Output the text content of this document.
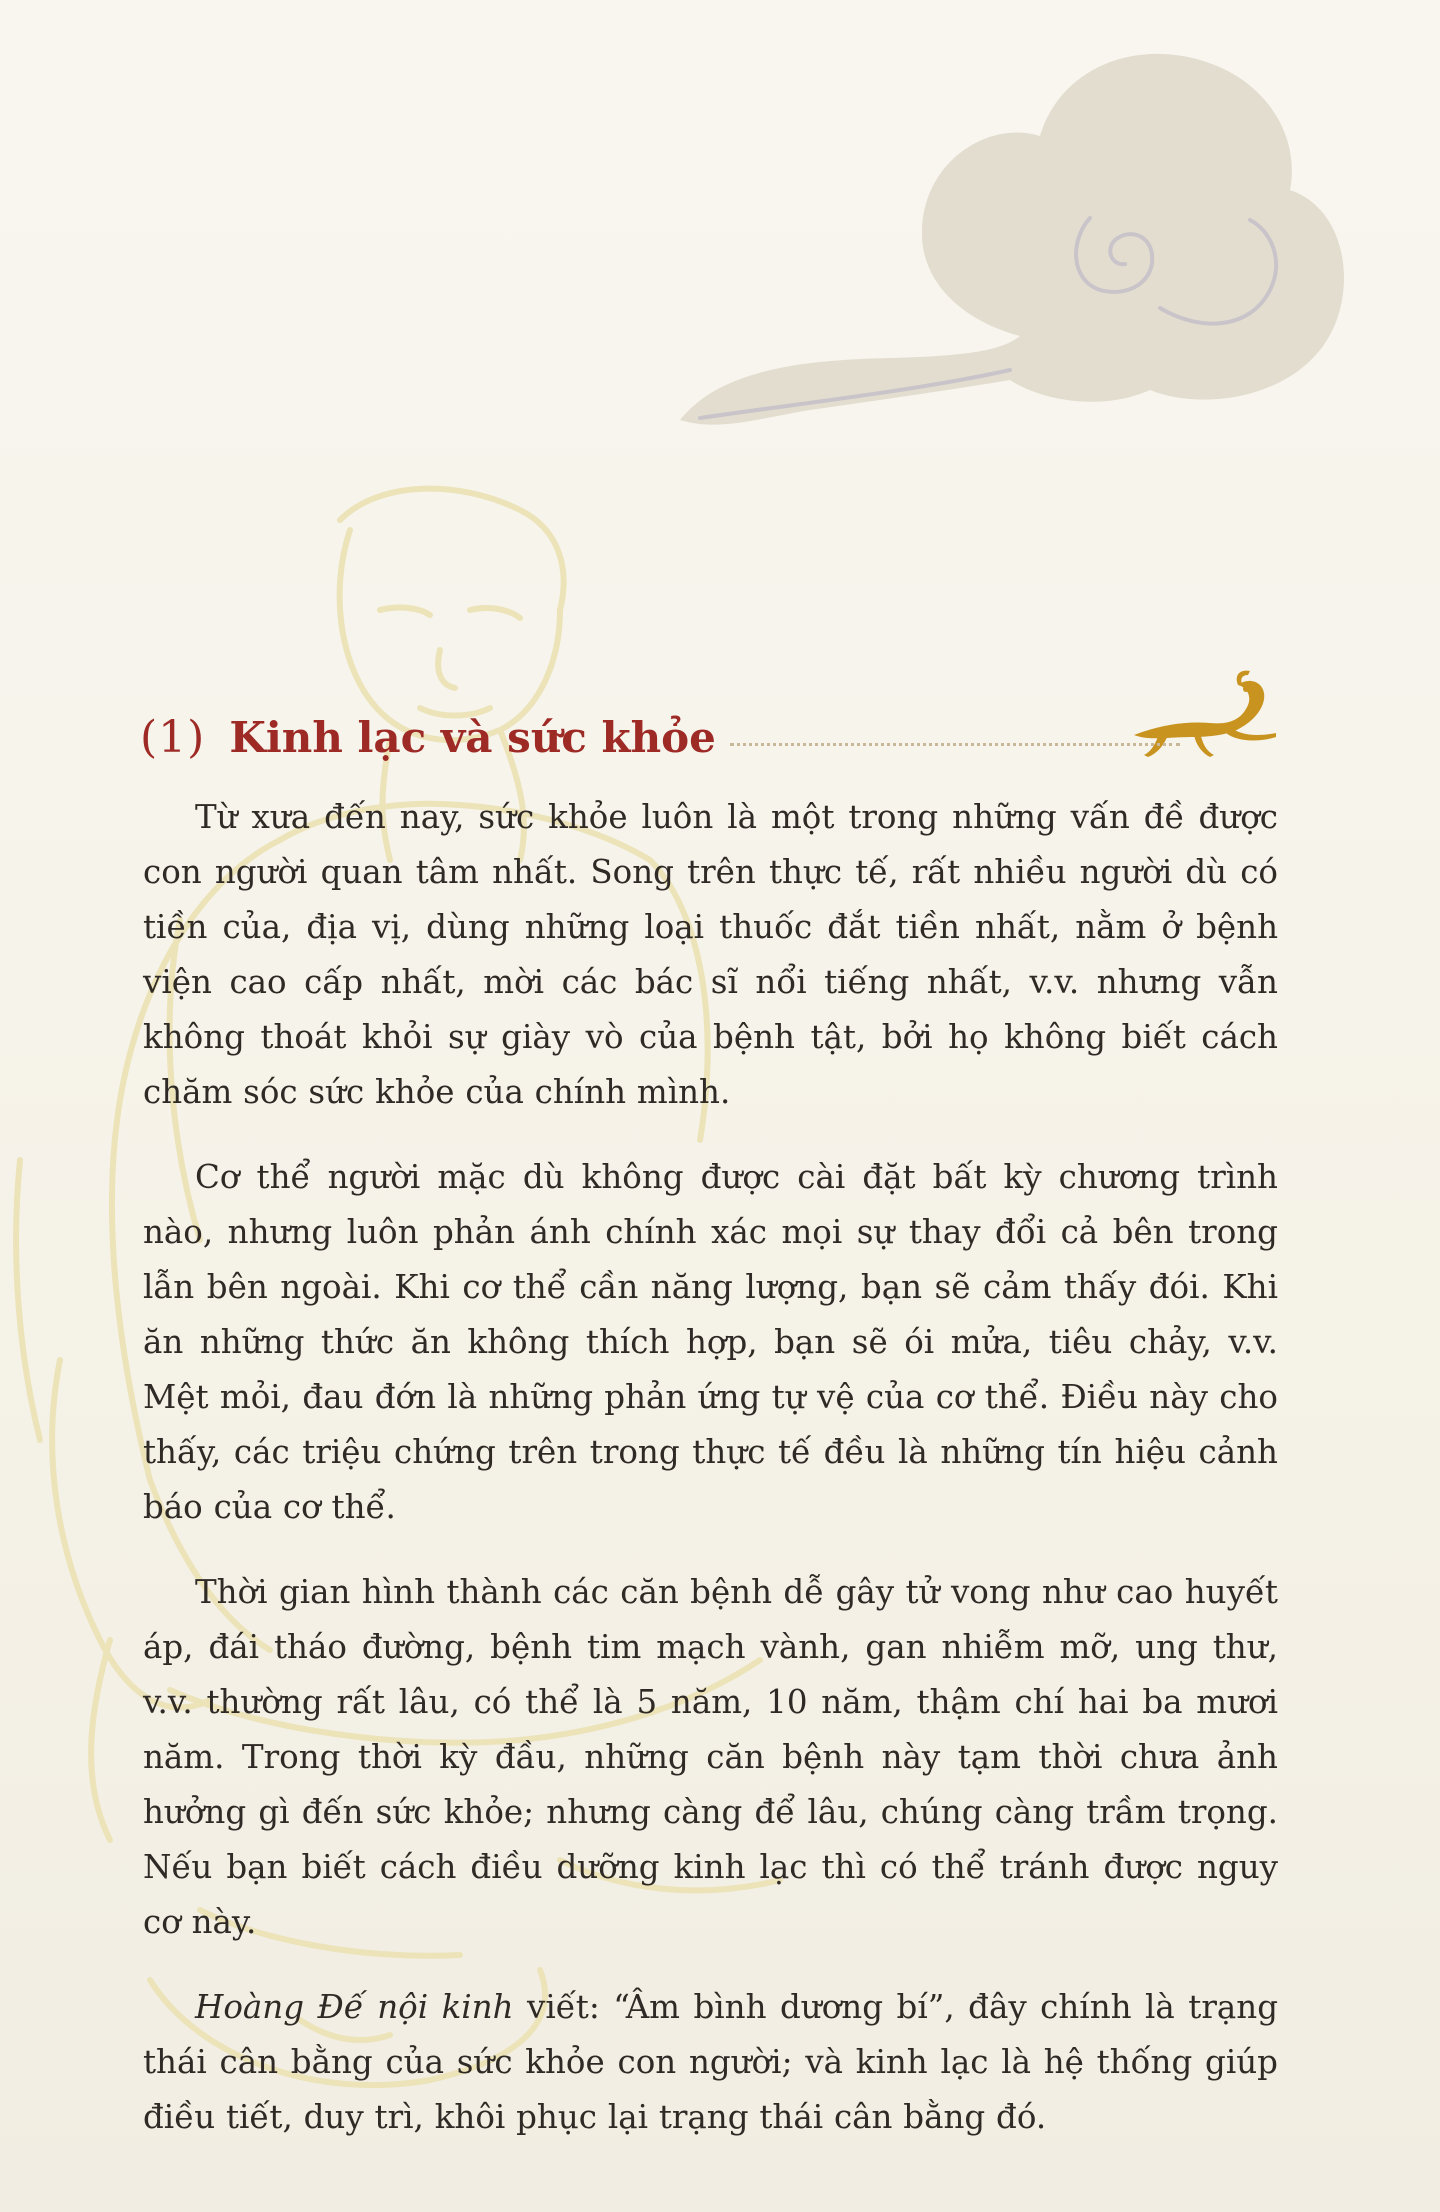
(1) Kinh lạc và sức khỏe

Từ xưa đến nay, sức khỏe luôn là một trong những vấn đề được con người quan tâm nhất. Song trên thực tế, rất nhiều người dù có tiền của, địa vị, dùng những loại thuốc đắt tiền nhất, nằm ở bệnh viện cao cấp nhất, mời các bác sĩ nổi tiếng nhất, v.v. nhưng vẫn không thoát khỏi sự giày vò của bệnh tật, bởi họ không biết cách chăm sóc sức khỏe của chính mình.

Cơ thể người mặc dù không được cài đặt bất kỳ chương trình nào, nhưng luôn phản ánh chính xác mọi sự thay đổi cả bên trong lẫn bên ngoài. Khi cơ thể cần năng lượng, bạn sẽ cảm thấy đói. Khi ăn những thức ăn không thích hợp, bạn sẽ ói mửa, tiêu chảy, v.v. Mệt mỏi, đau đớn là những phản ứng tự vệ của cơ thể. Điều này cho thấy, các triệu chứng trên trong thực tế đều là những tín hiệu cảnh báo của cơ thể.

Thời gian hình thành các căn bệnh dễ gây tử vong như cao huyết áp, đái tháo đường, bệnh tim mạch vành, gan nhiễm mỡ, ung thư, v.v. thường rất lâu, có thể là 5 năm, 10 năm, thậm chí hai ba mươi năm. Trong thời kỳ đầu, những căn bệnh này tạm thời chưa ảnh hưởng gì đến sức khỏe; nhưng càng để lâu, chúng càng trầm trọng. Nếu bạn biết cách điều dưỡng kinh lạc thì có thể tránh được nguy cơ này.

Hoàng Đế nội kinh viết: “Âm bình dương bí”, đây chính là trạng thái cân bằng của sức khỏe con người; và kinh lạc là hệ thống giúp điều tiết, duy trì, khôi phục lại trạng thái cân bằng đó.
